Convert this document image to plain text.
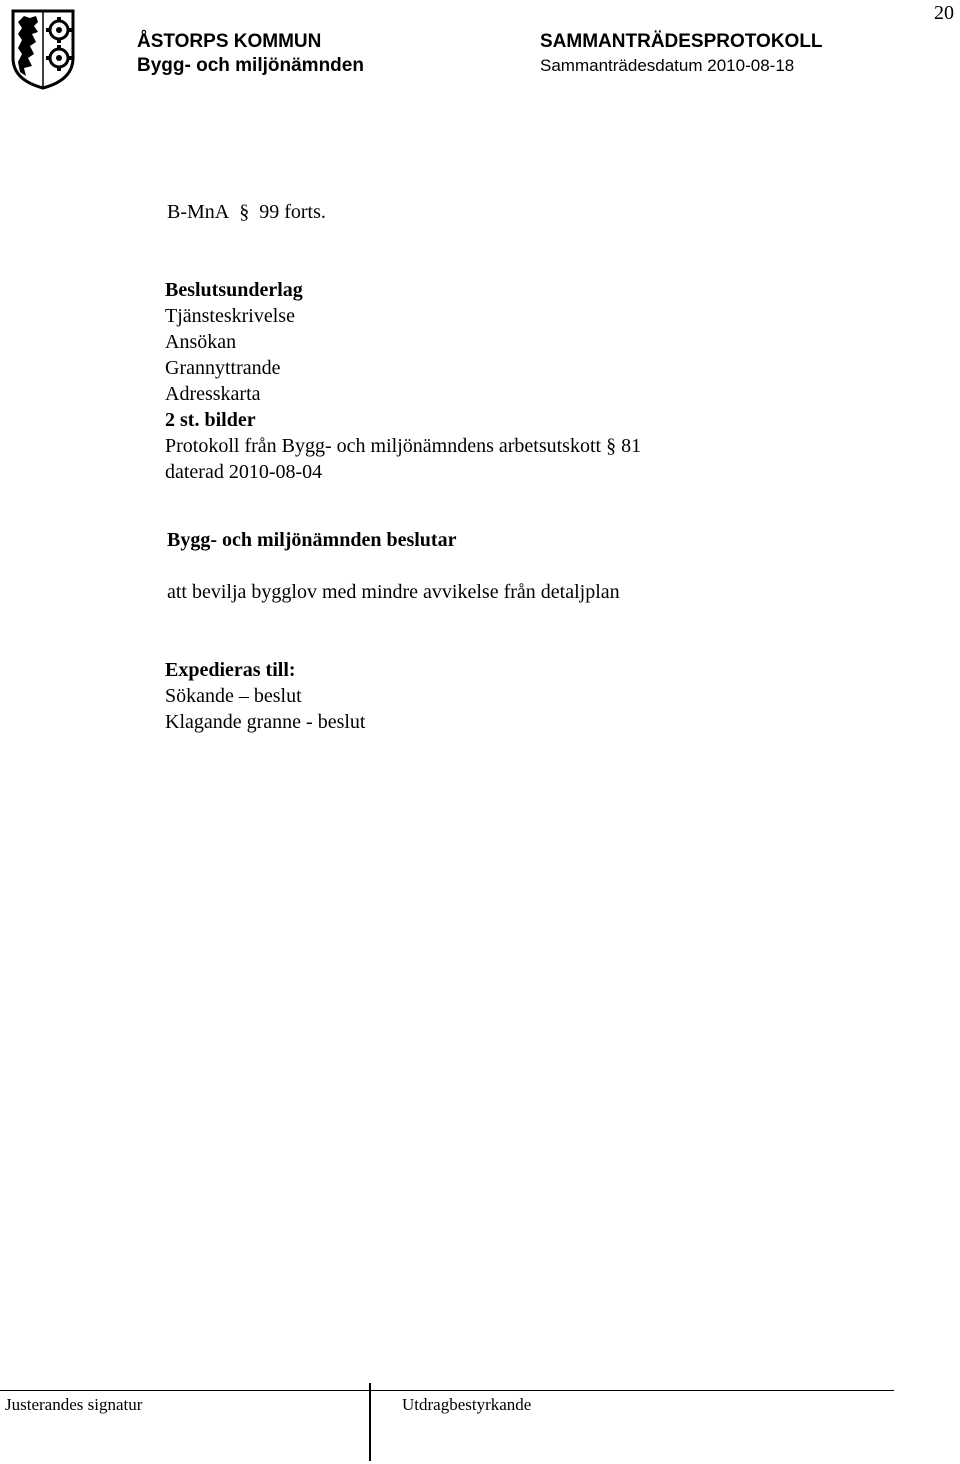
20
ÅSTORPS KOMMUN
Bygg- och miljönämnden
SAMMANTRÄDESPROTOKOLL
Sammanträdesdatum 2010-08-18
B-MnA § 99 forts.
Beslutsunderlag
Tjänsteskrivelse
Ansökan
Grannyttrande
Adresskarta
2 st. bilder
Protokoll från Bygg- och miljönämndens arbetsutskott § 81
daterad 2010-08-04
Bygg- och miljönämnden beslutar
att bevilja bygglov med mindre avvikelse från detaljplan
Expedieras till:
Sökande – beslut
Klagande granne - beslut
Justerandes signatur	Utdragbestyrkande
